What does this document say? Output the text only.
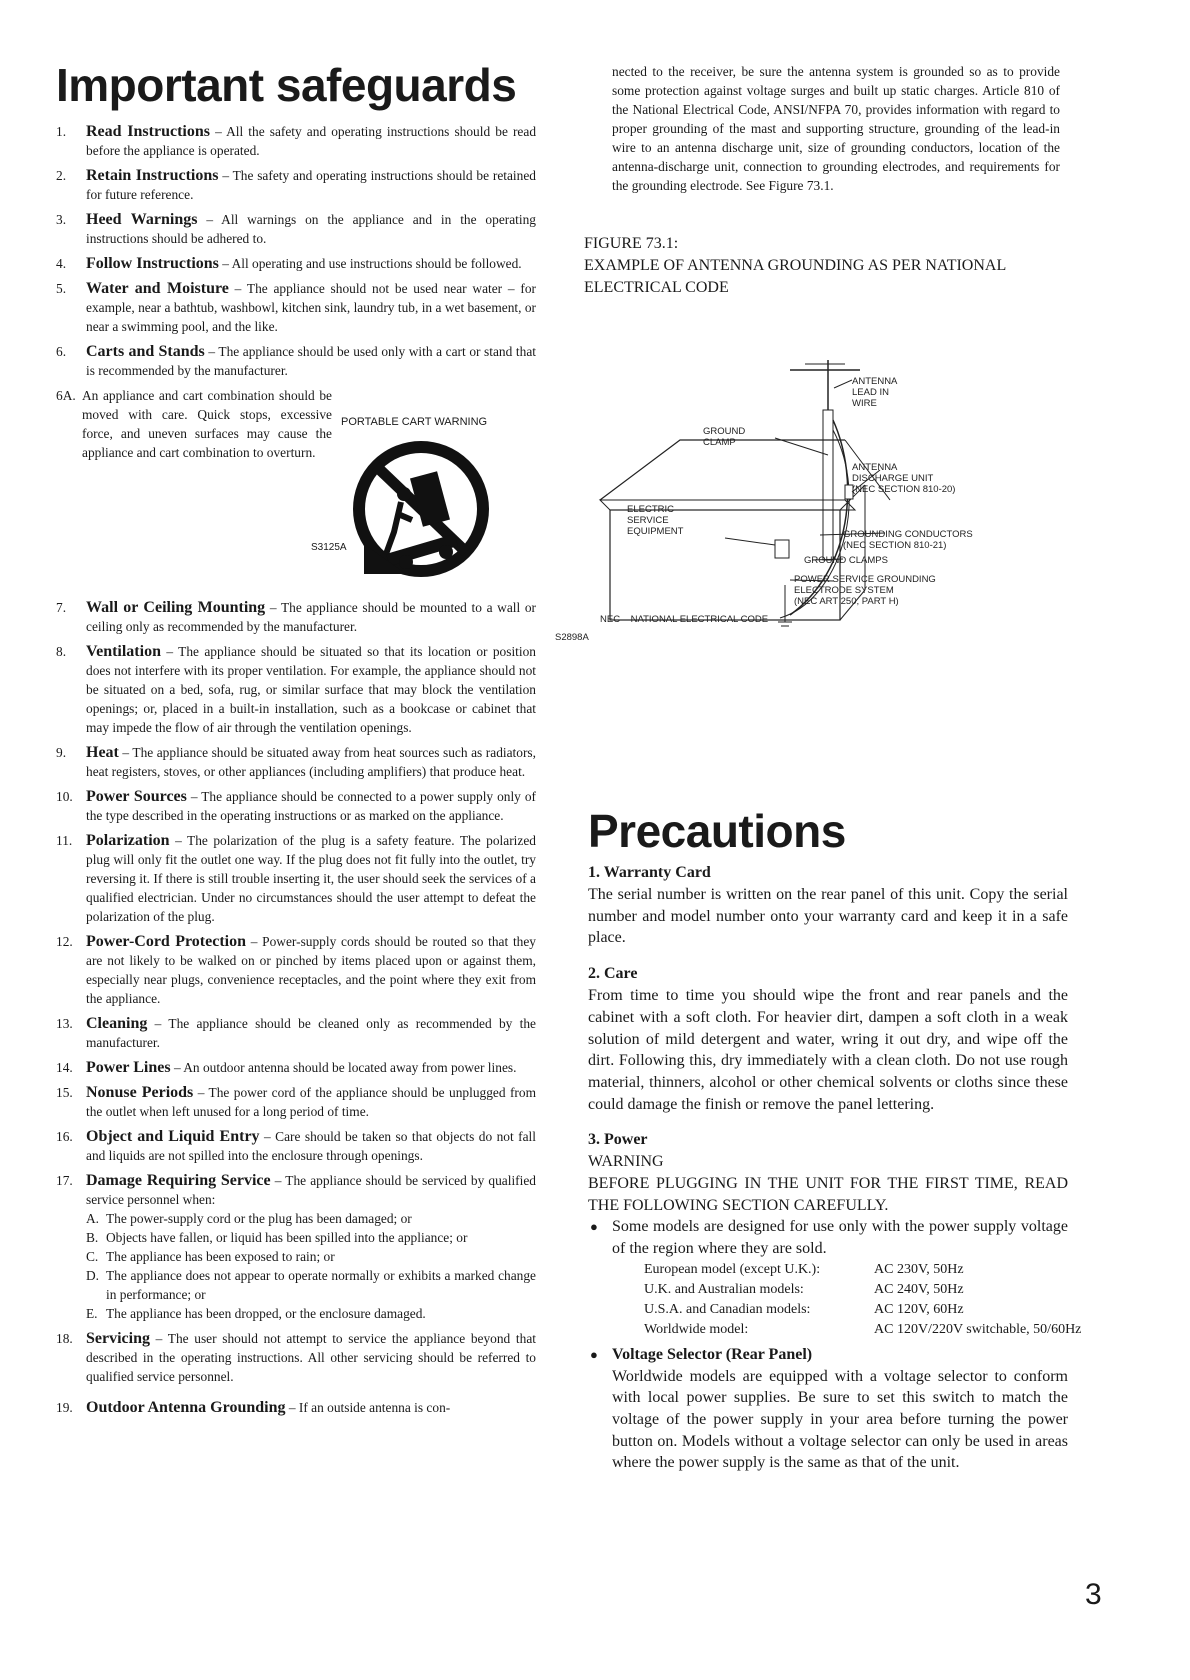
Important safeguards
1. Read Instructions – All the safety and operating instructions should be read before the appliance is operated.
2. Retain Instructions – The safety and operating instructions should be retained for future reference.
3. Heed Warnings – All warnings on the appliance and in the operating instructions should be adhered to.
4. Follow Instructions – All operating and use instructions should be followed.
5. Water and Moisture – The appliance should not be used near water – for example, near a bathtub, washbowl, kitchen sink, laundry tub, in a wet basement, or near a swimming pool, and the like.
6. Carts and Stands – The appliance should be used only with a cart or stand that is recommended by the manufacturer.
6A. An appliance and cart combination should be moved with care. Quick stops, excessive force, and uneven surfaces may cause the appliance and cart combination to overturn.
PORTABLE CART WARNING
S3125A
7. Wall or Ceiling Mounting – The appliance should be mounted to a wall or ceiling only as recommended by the manufacturer.
8. Ventilation – The appliance should be situated so that its location or position does not interfere with its proper ventilation. For example, the appliance should not be situated on a bed, sofa, rug, or similar surface that may block the ventilation openings; or, placed in a built-in installation, such as a bookcase or cabinet that may impede the flow of air through the ventilation openings.
9. Heat – The appliance should be situated away from heat sources such as radiators, heat registers, stoves, or other appliances (including amplifiers) that produce heat.
10. Power Sources – The appliance should be connected to a power supply only of the type described in the operating instructions or as marked on the appliance.
11. Polarization – The polarization of the plug is a safety feature. The polarized plug will only fit the outlet one way. If the plug does not fit fully into the outlet, try reversing it. If there is still trouble inserting it, the user should seek the services of a qualified electrician. Under no circumstances should the user attempt to defeat the polarization of the plug.
12. Power-Cord Protection – Power-supply cords should be routed so that they are not likely to be walked on or pinched by items placed upon or against them, especially near plugs, convenience receptacles, and the point where they exit from the appliance.
13. Cleaning – The appliance should be cleaned only as recommended by the manufacturer.
14. Power Lines – An outdoor antenna should be located away from power lines.
15. Nonuse Periods – The power cord of the appliance should be unplugged from the outlet when left unused for a long period of time.
16. Object and Liquid Entry – Care should be taken so that objects do not fall and liquids are not spilled into the enclosure through openings.
17. Damage Requiring Service – The appliance should be serviced by qualified service personnel when:
A. The power-supply cord or the plug has been damaged; or
B. Objects have fallen, or liquid has been spilled into the appliance; or
C. The appliance has been exposed to rain; or
D. The appliance does not appear to operate normally or exhibits a marked change in performance; or
E. The appliance has been dropped, or the enclosure damaged.
18. Servicing – The user should not attempt to service the appliance beyond that described in the operating instructions. All other servicing should be referred to qualified service personnel.
19. Outdoor Antenna Grounding – If an outside antenna is con-
nected to the receiver, be sure the antenna system is grounded so as to provide some protection against voltage surges and built up static charges. Article 810 of the National Electrical Code, ANSI/NFPA 70, provides information with regard to proper grounding of the mast and supporting structure, grounding of the lead-in wire to an antenna discharge unit, size of grounding conductors, location of the antenna-discharge unit, connection to grounding electrodes, and requirements for the grounding electrode. See Figure 73.1.
FIGURE 73.1:
EXAMPLE OF ANTENNA GROUNDING AS PER NATIONAL
ELECTRICAL CODE
ANTENNA
LEAD IN
WIRE
GROUND
CLAMP
ANTENNA
DISCHARGE UNIT
(NEC SECTION 810-20)
ELECTRIC
SERVICE
EQUIPMENT	GROUNDING CONDUCTORS
(NEC SECTION 810-21)
GROUND CLAMPS
POWER SERVICE GROUNDING
ELECTRODE SYSTEM
(NEC ART 250, PART H)
NEC – NATIONAL ELECTRICAL CODE
S2898A
Precautions
1. Warranty Card

The serial number is written on the rear panel of this unit. Copy the serial number and model number onto your warranty card and keep it in a safe place.

2. Care

From time to time you should wipe the front and rear panels and the cabinet with a soft cloth. For heavier dirt, dampen a soft cloth in a weak solution of mild detergent and water, wring it out dry, and wipe off the dirt. Following this, dry immediately with a clean cloth. Do not use rough material, thinners, alcohol or other chemical solvents or cloths since these could damage the finish or remove the panel lettering.

3. Power
WARNING
BEFORE PLUGGING IN THE UNIT FOR THE FIRST TIME, READ THE FOLLOWING SECTION CAREFULLY.
● Some models are designed for use only with the power supply voltage of the region where they are sold.
European model (except U.K.):	AC 230V, 50Hz
U.K. and Australian models:	AC 240V, 50Hz
U.S.A. and Canadian models:	AC 120V, 60Hz
Worldwide model:	AC 120V/220V switchable, 50/60Hz
● Voltage Selector (Rear Panel)
Worldwide models are equipped with a voltage selector to conform with local power supplies. Be sure to set this switch to match the voltage of the power supply in your area before turning the power button on. Models without a voltage selector can only be used in areas where the power supply is the same as that of the unit.
3
